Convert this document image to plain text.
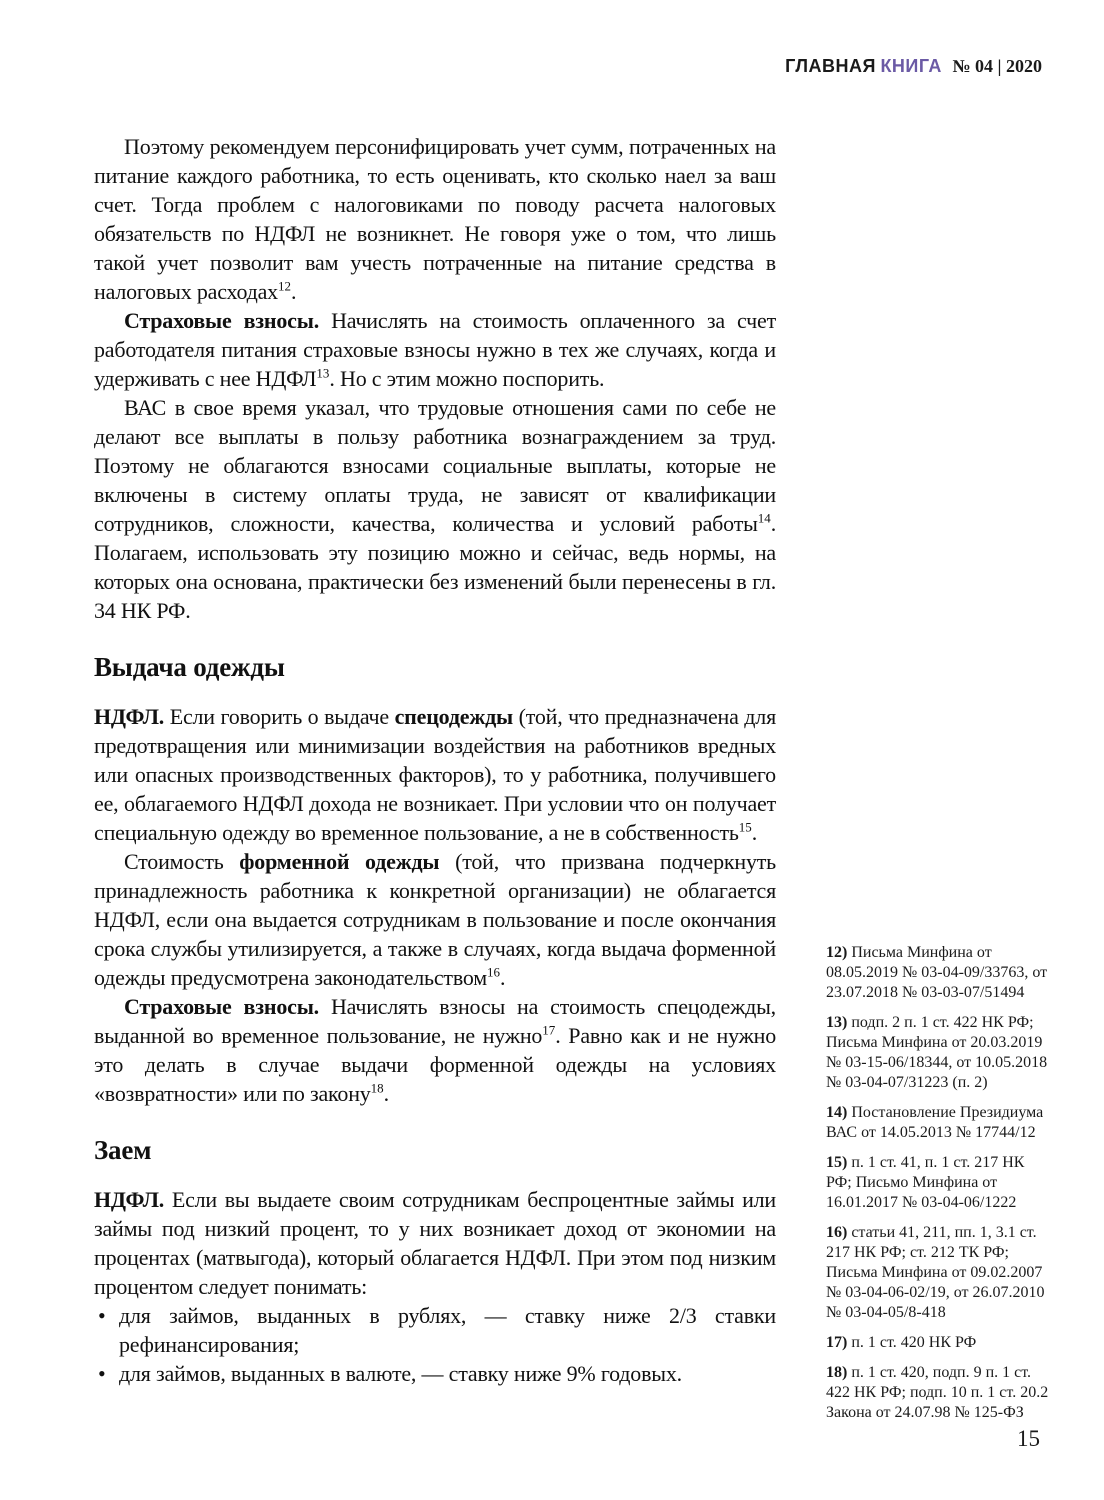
ГЛАВНАЯ КНИГА № 04 | 2020

Поэтому рекомендуем персонифицировать учет сумм, потраченных на питание каждого работника, то есть оценивать, кто сколько наел за ваш счет. Тогда проблем с налоговиками по поводу расчета налоговых обязательств по НДФЛ не возникнет. Не говоря уже о том, что лишь такой учет позволит вам учесть потраченные на питание средства в налоговых расходах$^{12}$.

Страховые взносы. Начислять на стоимость оплаченного за счет работодателя питания страховые взносы нужно в тех же случаях, когда и удерживать с нее НДФЛ$^{13}$. Но с этим можно поспорить.

ВАС в свое время указал, что трудовые отношения сами по себе не делают все выплаты в пользу работника вознаграждением за труд. Поэтому не облагаются взносами социальные выплаты, которые не включены в систему оплаты труда, не зависят от квалификации сотрудников, сложности, качества, количества и условий работы$^{14}$. Полагаем, использовать эту позицию можно и сейчас, ведь нормы, на которых она основана, практически без изменений были перенесены в гл. 34 НК РФ.

Выдача одежды

НДФЛ. Если говорить о выдаче спецодежды (той, что предназначена для предотвращения или минимизации воздействия на работников вредных или опасных производственных факторов), то у работника, получившего ее, облагаемого НДФЛ дохода не возникает. При условии что он получает специальную одежду во временное пользование, а не в собственность$^{15}$.

Стоимость форменной одежды (той, что призвана подчеркнуть принадлежность работника к конкретной организации) не облагается НДФЛ, если она выдается сотрудникам в пользование и после окончания срока службы утилизируется, а также в случаях, когда выдача форменной одежды предусмотрена законодательством$^{16}$.

Страховые взносы. Начислять взносы на стоимость спецодежды, выданной во временное пользование, не нужно$^{17}$. Равно как и не нужно это делать в случае выдачи форменной одежды на условиях «возвратности» или по закону$^{18}$.

Заем

НДФЛ. Если вы выдаете своим сотрудникам беспроцентные займы или займы под низкий процент, то у них возникает доход от экономии на процентах (матвыгода), который облагается НДФЛ. При этом под низким процентом следует понимать:

• для займов, выданных в рублях, — ставку ниже 2/3 ставки рефинансирования;
• для займов, выданных в валюте, — ставку ниже 9% годовых.
12) Письма Минфина от 08.05.2019 № 03-04-09/33763, от 23.07.2018 № 03-03-07/51494
13) подп. 2 п. 1 ст. 422 НК РФ; Письма Минфина от 20.03.2019 № 03-15-06/18344, от 10.05.2018 № 03-04-07/31223 (п. 2)
14) Постановление Президиума ВАС от 14.05.2013 № 17744/12
15) п. 1 ст. 41, п. 1 ст. 217 НК РФ; Письмо Минфина от 16.01.2017 № 03-04-06/1222
16) статьи 41, 211, пп. 1, 3.1 ст. 217 НК РФ; ст. 212 ТК РФ; Письма Минфина от 09.02.2007 № 03-04-06-02/19, от 26.07.2010 № 03-04-05/8-418
17) п. 1 ст. 420 НК РФ
18) п. 1 ст. 420, подп. 9 п. 1 ст. 422 НК РФ; подп. 10 п. 1 ст. 20.2 Закона от 24.07.98 № 125-ФЗ
15
